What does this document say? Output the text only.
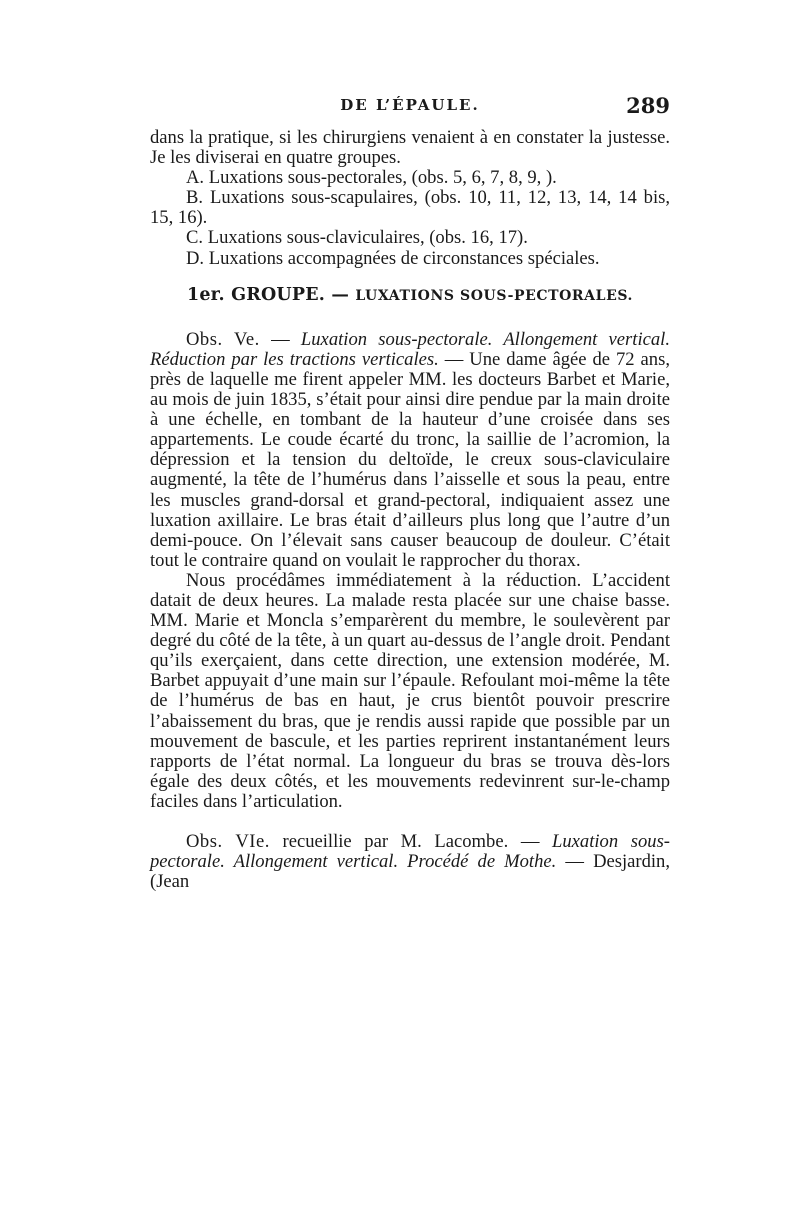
DE L’ÉPAULE.	289

dans la pratique, si les chirurgiens venaient à en constater la justesse. Je les diviserai en quatre groupes.

A. Luxations sous-pectorales, (obs. 5, 6, 7, 8, 9, ).

B. Luxations sous-scapulaires, (obs. 10, 11, 12, 13, 14, 14 bis, 15, 16).

C. Luxations sous-claviculaires, (obs. 16, 17).

D. Luxations accompagnées de circonstances spéciales.

1er. GROUPE. — LUXATIONS SOUS-PECTORALES.

Obs. Ve. — Luxation sous-pectorale. Allongement vertical. Réduction par les tractions verticales. — Une dame âgée de 72 ans, près de laquelle me firent appeler MM. les docteurs Barbet et Marie, au mois de juin 1835, s’était pour ainsi dire pendue par la main droite à une échelle, en tombant de la hauteur d’une croisée dans ses appartements. Le coude écarté du tronc, la saillie de l’acromion, la dépression et la tension du deltoïde, le creux sous-claviculaire augmenté, la tête de l’humérus dans l’aisselle et sous la peau, entre les muscles grand-dorsal et grand-pectoral, indiquaient assez une luxation axillaire. Le bras était d’ailleurs plus long que l’autre d’un demi-pouce. On l’élevait sans causer beaucoup de douleur. C’était tout le contraire quand on voulait le rapprocher du thorax.

Nous procédâmes immédiatement à la réduction. L’accident datait de deux heures. La malade resta placée sur une chaise basse. MM. Marie et Moncla s’emparèrent du membre, le soulevèrent par degré du côté de la tête, à un quart au-dessus de l’angle droit. Pendant qu’ils exerçaient, dans cette direction, une extension modérée, M. Barbet appuyait d’une main sur l’épaule. Refoulant moi-même la tête de l’humérus de bas en haut, je crus bientôt pouvoir prescrire l’abaissement du bras, que je rendis aussi rapide que possible par un mouvement de bascule, et les parties reprirent instantanément leurs rapports de l’état normal. La longueur du bras se trouva dès-lors égale des deux côtés, et les mouvements redevinrent sur-le-champ faciles dans l’articulation.

Obs. VIe. recueillie par M. Lacombe. — Luxation sous-pectorale. Allongement vertical. Procédé de Mothe. — Desjardin, (Jean
